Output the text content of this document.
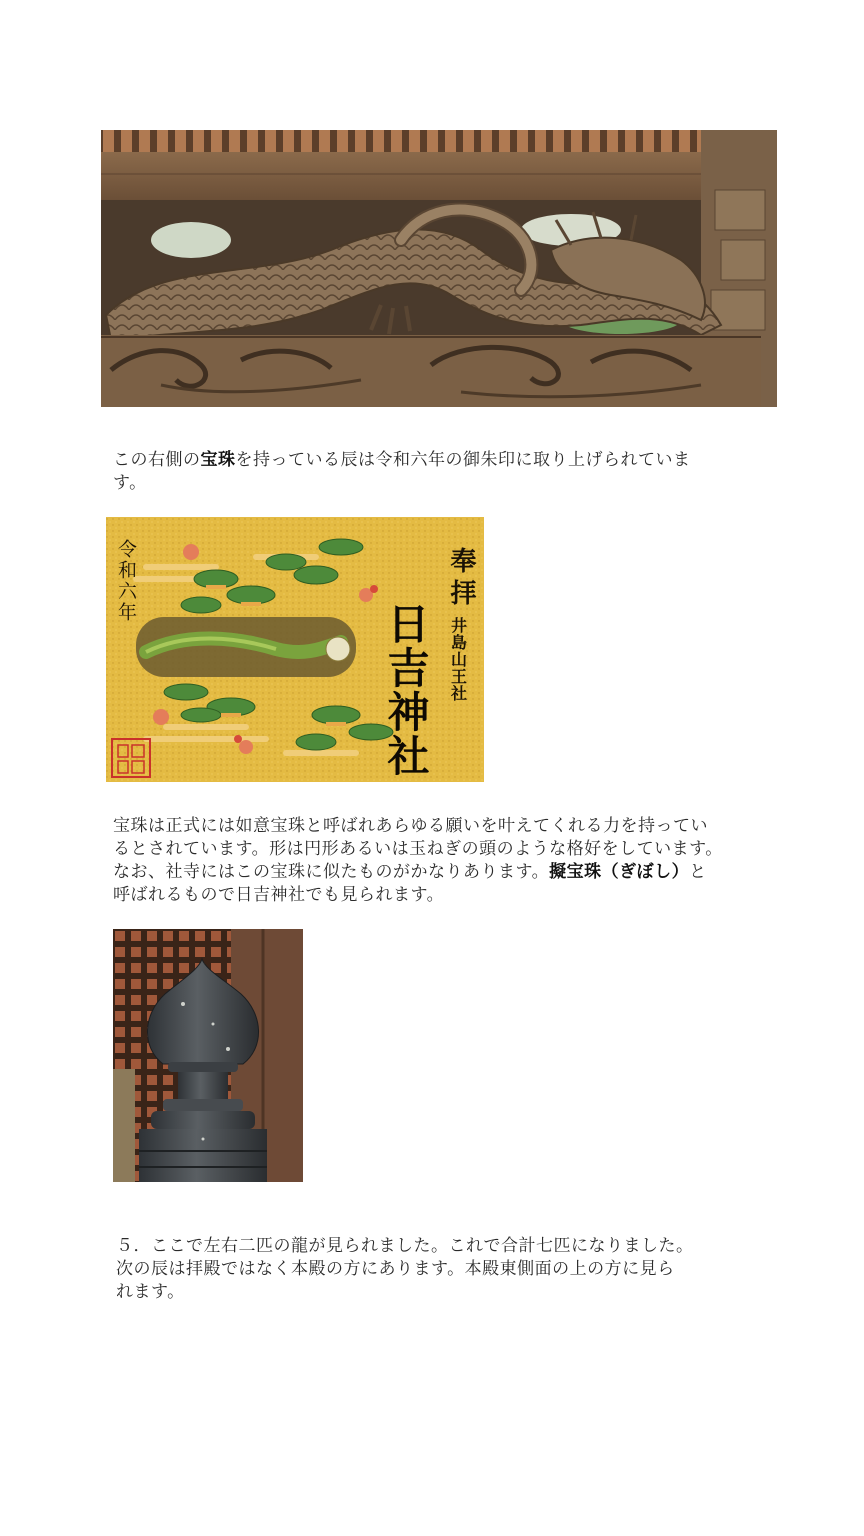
この右側の宝珠を持っている辰は令和六年の御朱印に取り上げられていま
す。
令和六年	奉拝
日吉神社 井島山王社
宝珠は正式には如意宝珠と呼ばれあらゆる願いを叶えてくれる力を持ってい
るとされています。形は円形あるいは玉ねぎの頭のような格好をしています。
なお、社寺にはこの宝珠に似たものがかなりあります。擬宝珠（ぎぼし）と
呼ばれるもので日吉神社でも見られます。
５．ここで左右二匹の龍が見られました。これで合計七匹になりました。
次の辰は拝殿ではなく本殿の方にあります。本殿東側面の上の方に見ら
れます。
